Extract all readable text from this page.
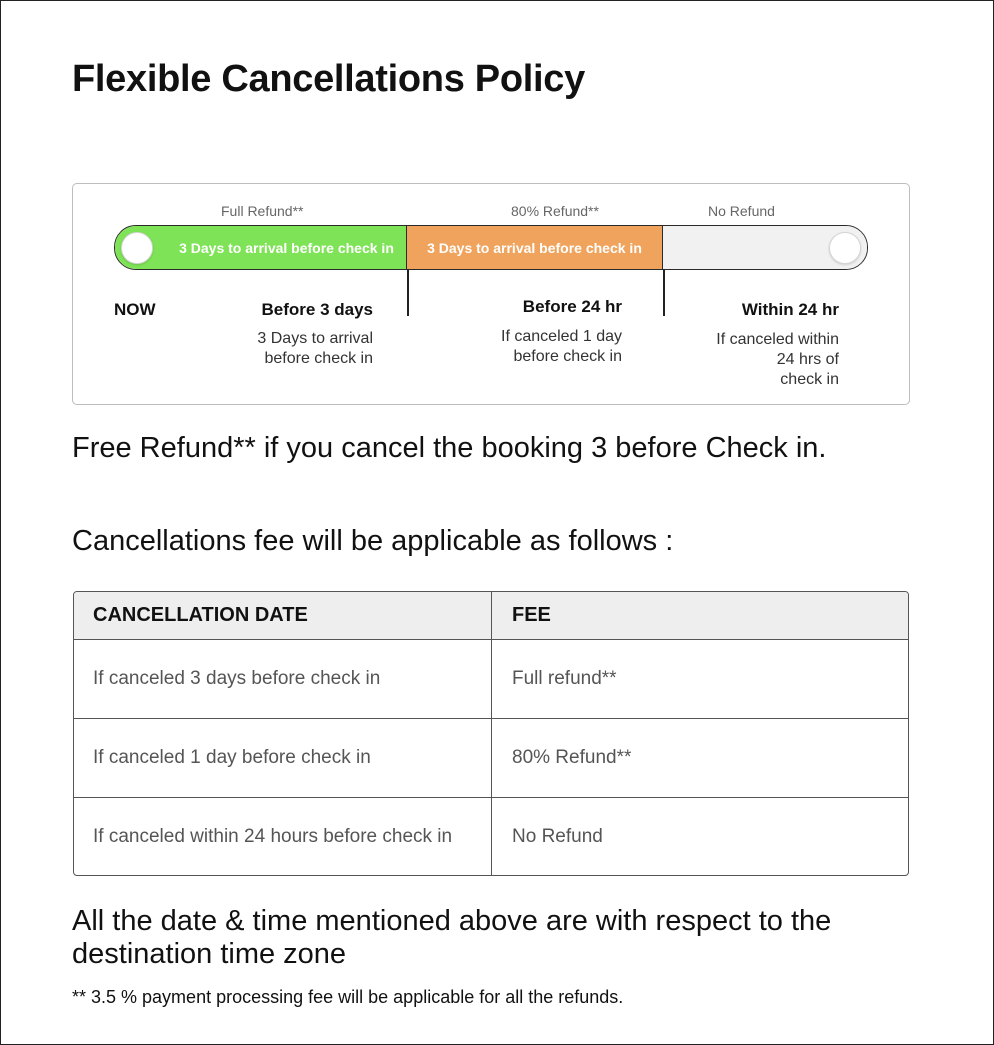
Flexible Cancellations Policy
Full Refund**	80% Refund**	No Refund
3 Days to arrival before check in 3 Days to arrival before check in
NOW	Before 3 days
3 Days to arrival
before check in
Before 24 hr
If canceled 1 day
before check in
Within 24 hr
If canceled within
24 hrs of
check in
Free Refund** if you cancel the booking 3 before Check in.
Cancellations fee will be applicable as follows :
CANCELLATION DATE	FEE
If canceled 3 days before check in	Full refund**
If canceled 1 day before check in	80% Refund**
If canceled within 24 hours before check in	No Refund
All the date & time mentioned above are with respect to the destination time zone
** 3.5 % payment processing fee will be applicable for all the refunds.
